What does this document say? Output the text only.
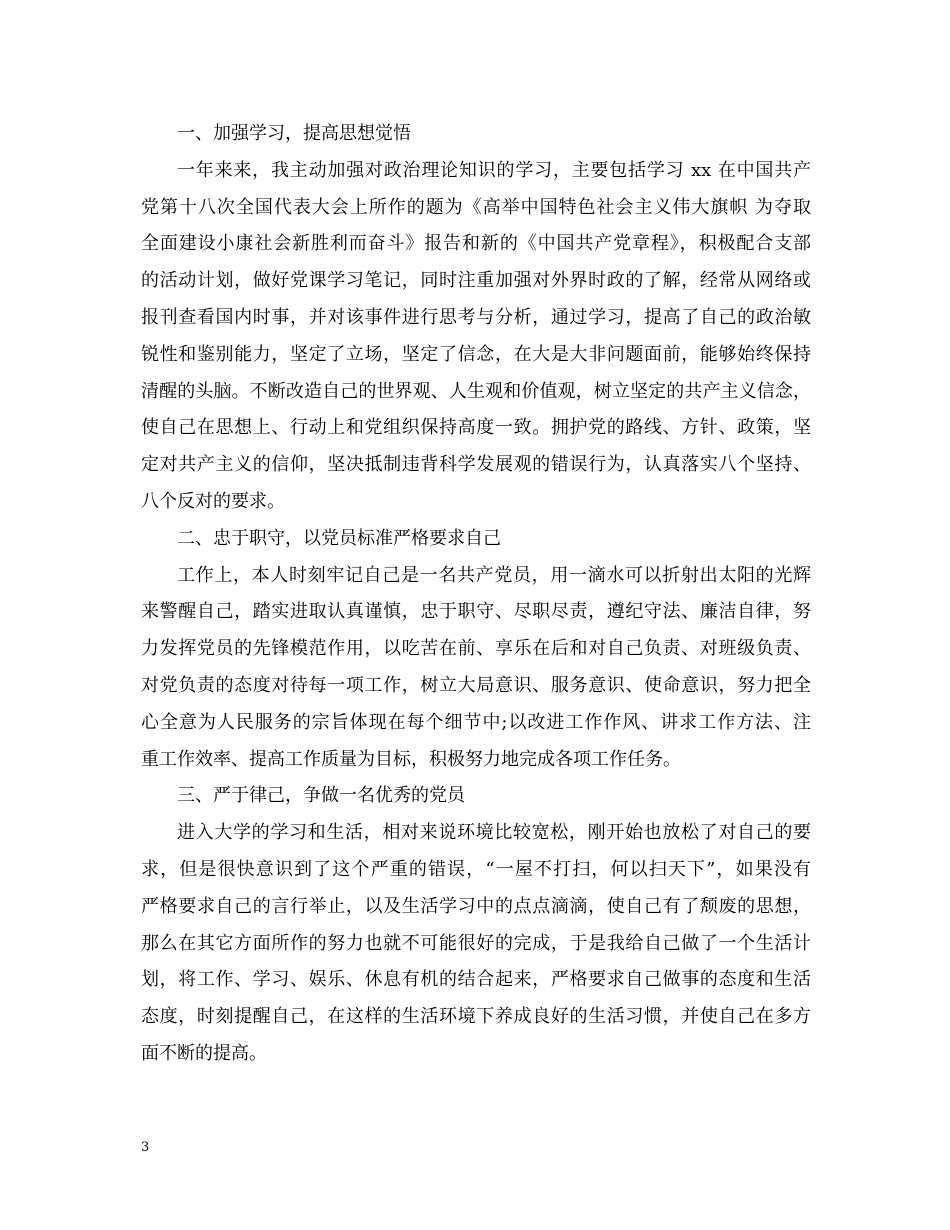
一、加强学习，提高思想觉悟
一年来来，我主动加强对政治理论知识的学习，主要包括学习 xx 在中国共产
党第十八次全国代表大会上所作的题为《高举中国特色社会主义伟大旗帜 为夺取
全面建设小康社会新胜利而奋斗》报告和新的《中国共产党章程》，积极配合支部
的活动计划，做好党课学习笔记，同时注重加强对外界时政的了解，经常从网络或
报刊查看国内时事，并对该事件进行思考与分析，通过学习，提高了自己的政治敏
锐性和鉴别能力，坚定了立场，坚定了信念，在大是大非问题面前，能够始终保持
清醒的头脑。不断改造自己的世界观、人生观和价值观，树立坚定的共产主义信念，
使自己在思想上、行动上和党组织保持高度一致。拥护党的路线、方针、政策，坚
定对共产主义的信仰，坚决抵制违背科学发展观的错误行为，认真落实八个坚持、
八个反对的要求。
二、忠于职守，以党员标准严格要求自己
工作上，本人时刻牢记自己是一名共产党员，用一滴水可以折射出太阳的光辉
来警醒自己，踏实进取认真谨慎，忠于职守、尽职尽责，遵纪守法、廉洁自律，努
力发挥党员的先锋模范作用，以吃苦在前、享乐在后和对自己负责、对班级负责、
对党负责的态度对待每一项工作，树立大局意识、服务意识、使命意识，努力把全
心全意为人民服务的宗旨体现在每个细节中;以改进工作作风、讲求工作方法、注
重工作效率、提高工作质量为目标，积极努力地完成各项工作任务。
三、严于律己，争做一名优秀的党员
进入大学的学习和生活，相对来说环境比较宽松，刚开始也放松了对自己的要
求，但是很快意识到了这个严重的错误，“一屋不打扫，何以扫天下”，如果没有
严格要求自己的言行举止，以及生活学习中的点点滴滴，使自己有了颓废的思想，
那么在其它方面所作的努力也就不可能很好的完成，于是我给自己做了一个生活计
划，将工作、学习、娱乐、休息有机的结合起来，严格要求自己做事的态度和生活
态度，时刻提醒自己，在这样的生活环境下养成良好的生活习惯，并使自己在多方
面不断的提高。
3
